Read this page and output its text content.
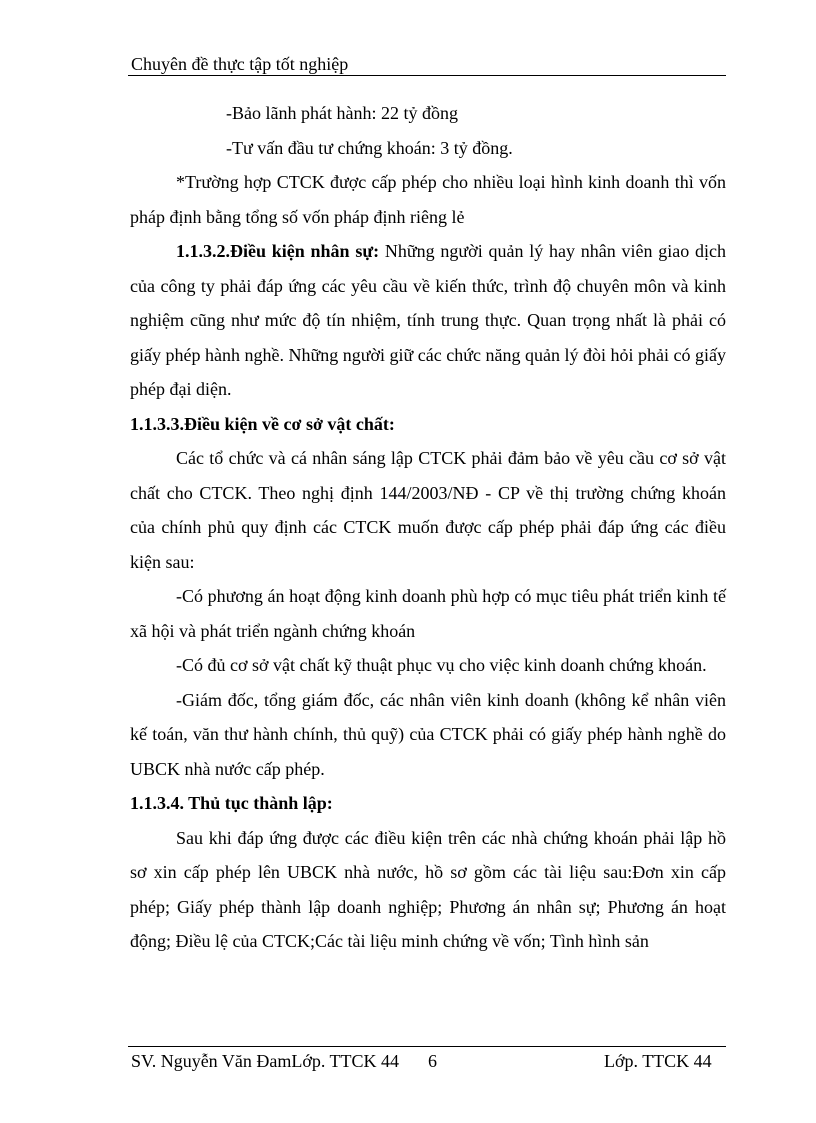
Chuyên đề thực tập tốt nghiệp

-Bảo lãnh phát hành: 22 tỷ đồng

-Tư vấn đầu tư chứng khoán: 3 tỷ đồng.

*Trường hợp CTCK được cấp phép cho nhiều loại hình kinh doanh thì vốn pháp định bằng tổng số vốn pháp định riêng lẻ

1.1.3.2.Điều kiện nhân sự: Những người quản lý hay nhân viên giao dịch của công ty phải đáp ứng các yêu cầu về kiến thức, trình độ chuyên môn và kinh nghiệm cũng như mức độ tín nhiệm, tính trung thực. Quan trọng nhất là phải có giấy phép hành nghề. Những người giữ các chức năng quản lý đòi hỏi phải có giấy phép đại diện.

1.1.3.3.Điều kiện về cơ sở vật chất:

Các tổ chức và cá nhân sáng lập CTCK phải đảm bảo về yêu cầu cơ sở vật chất cho CTCK. Theo nghị định 144/2003/NĐ - CP về thị trường chứng khoán của chính phủ quy định các CTCK muốn được cấp phép phải đáp ứng các điều kiện sau:

-Có phương án hoạt động kinh doanh phù hợp có mục tiêu phát triển kinh tế xã hội và phát triển ngành chứng khoán

-Có đủ cơ sở vật chất kỹ thuật phục vụ cho việc kinh doanh chứng khoán.

-Giám đốc, tổng giám đốc, các nhân viên kinh doanh (không kể nhân viên kế toán, văn thư hành chính, thủ quỹ) của CTCK phải có giấy phép hành nghề do UBCK nhà nước cấp phép.

1.1.3.4. Thủ tục thành lập:

Sau khi đáp ứng được các điều kiện trên các nhà chứng khoán phải lập hồ sơ xin cấp phép lên UBCK nhà nước, hồ sơ gồm các tài liệu sau:Đơn xin cấp phép; Giấy phép thành lập doanh nghiệp; Phương án nhân sự; Phương án hoạt động; Điều lệ của CTCK;Các tài liệu minh chứng về vốn; Tình hình sản

SV. Nguyễn Văn ĐamLớp. TTCK 44 6	Lớp. TTCK 44
